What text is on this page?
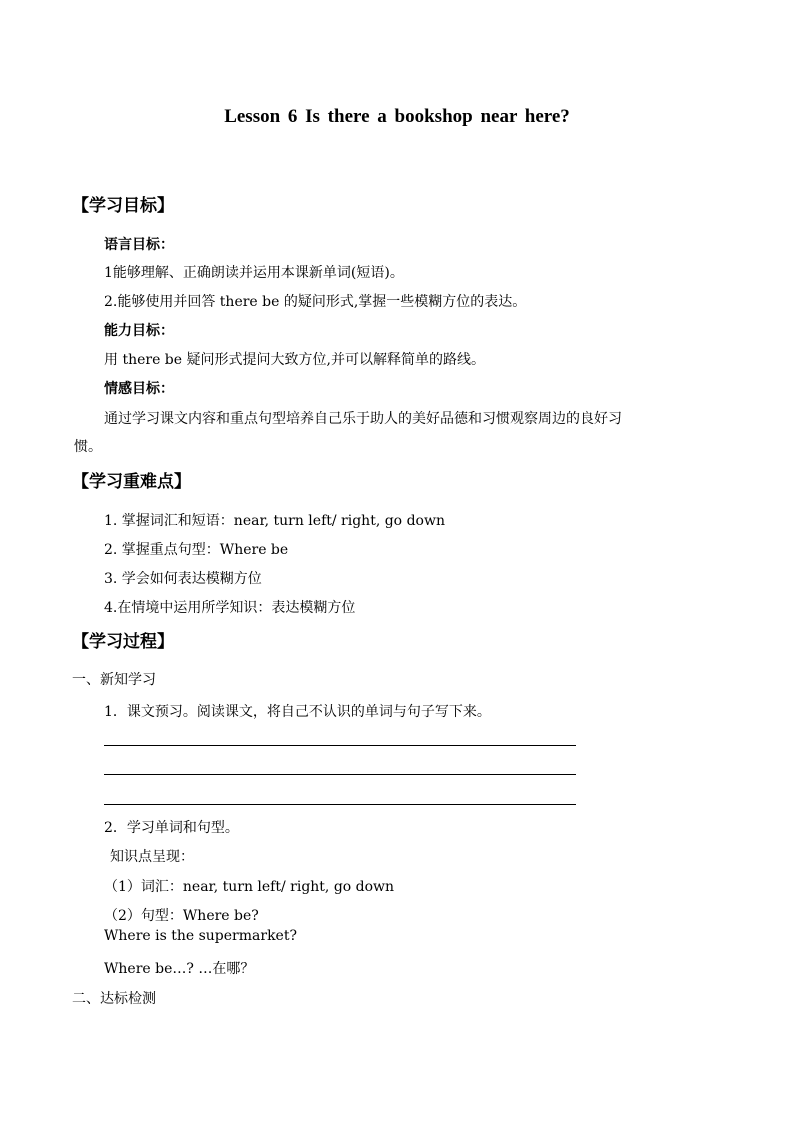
Lesson 6 Is there a bookshop near here?
【学习目标】
语言目标：
1能够理解、正确朗读并运用本课新单词(短语)。
2.能够使用并回答 there be 的疑问形式,掌握一些模糊方位的表达。
能力目标：
用 there be 疑问形式提问大致方位,并可以解释简单的路线。
情感目标：
通过学习课文内容和重点句型培养自己乐于助人的美好品德和习惯观察周边的良好习
惯。
【学习重难点】
1. 掌握词汇和短语：near, turn left/ right, go down
2. 掌握重点句型：Where be
3. 学会如何表达模糊方位
4.在情境中运用所学知识：表达模糊方位
【学习过程】
一、新知学习
1．课文预习。阅读课文，将自己不认识的单词与句子写下来。
2．学习单词和句型。
知识点呈现：
（1）词汇：near, turn left/ right, go down
（2）句型：Where be?
Where is the supermarket?
Where be…? …在哪？
二、达标检测
